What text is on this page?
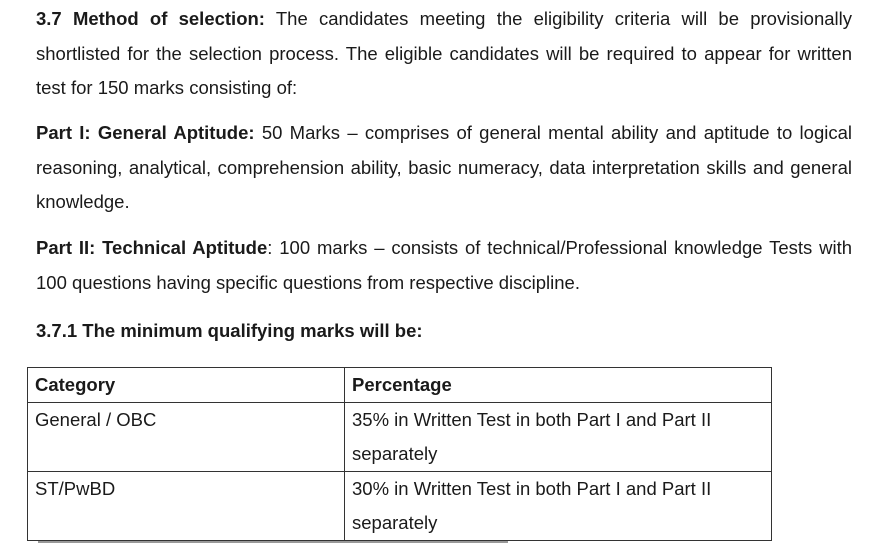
3.7 Method of selection: The candidates meeting the eligibility criteria will be provisionally shortlisted for the selection process. The eligible candidates will be required to appear for written test for 150 marks consisting of:

Part I: General Aptitude: 50 Marks – comprises of general mental ability and aptitude to logical reasoning, analytical, comprehension ability, basic numeracy, data interpretation skills and general knowledge.

Part II: Technical Aptitude: 100 marks – consists of technical/Professional knowledge Tests with 100 questions having specific questions from respective discipline.

3.7.1 The minimum qualifying marks will be:

Category	Percentage
General / OBC	35% in Written Test in both Part I and Part II separately
ST/PwBD	30% in Written Test in both Part I and Part II separately
